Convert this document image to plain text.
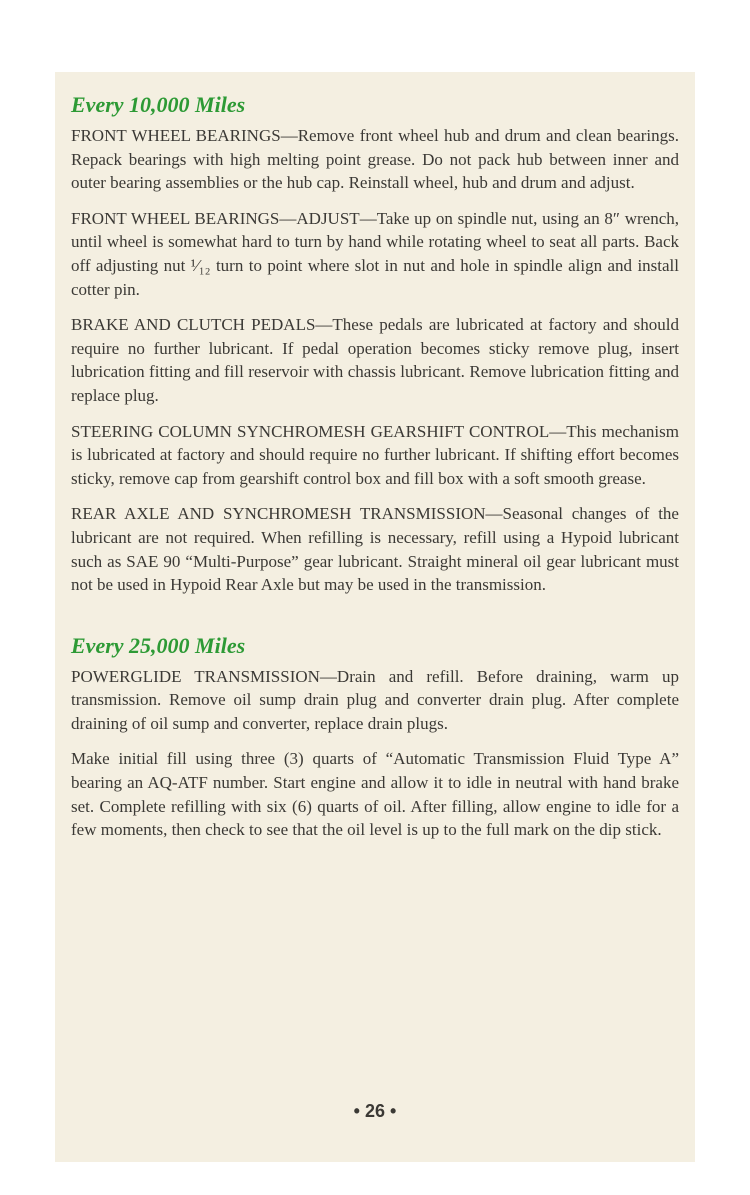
Every 10,000 Miles

FRONT WHEEL BEARINGS—Remove front wheel hub and drum and clean bearings. Repack bearings with high melting point grease. Do not pack hub between inner and outer bearing assemblies or the hub cap. Reinstall wheel, hub and drum and adjust.

FRONT WHEEL BEARINGS—ADJUST—Take up on spindle nut, using an 8″ wrench, until wheel is somewhat hard to turn by hand while rotating wheel to seat all parts. Back off adjusting nut ¹⁄₁₂ turn to point where slot in nut and hole in spindle align and install cotter pin.

BRAKE AND CLUTCH PEDALS—These pedals are lubricated at factory and should require no further lubricant. If pedal operation becomes sticky remove plug, insert lubrication fitting and fill reservoir with chassis lubricant. Remove lubrication fitting and replace plug.

STEERING COLUMN SYNCHROMESH GEARSHIFT CONTROL—This mechanism is lubricated at factory and should require no further lubricant. If shifting effort becomes sticky, remove cap from gearshift control box and fill box with a soft smooth grease.

REAR AXLE AND SYNCHROMESH TRANSMISSION—Seasonal changes of the lubricant are not required. When refilling is necessary, refill using a Hypoid lubricant such as SAE 90 “Multi-Purpose” gear lubricant. Straight mineral oil gear lubricant must not be used in Hypoid Rear Axle but may be used in the transmission.

Every 25,000 Miles

POWERGLIDE TRANSMISSION—Drain and refill. Before draining, warm up transmission. Remove oil sump drain plug and converter drain plug. After complete draining of oil sump and converter, replace drain plugs.

Make initial fill using three (3) quarts of “Automatic Transmission Fluid Type A” bearing an AQ-ATF number. Start engine and allow it to idle in neutral with hand brake set. Complete refilling with six (6) quarts of oil. After filling, allow engine to idle for a few moments, then check to see that the oil level is up to the full mark on the dip stick.

• 26 •
